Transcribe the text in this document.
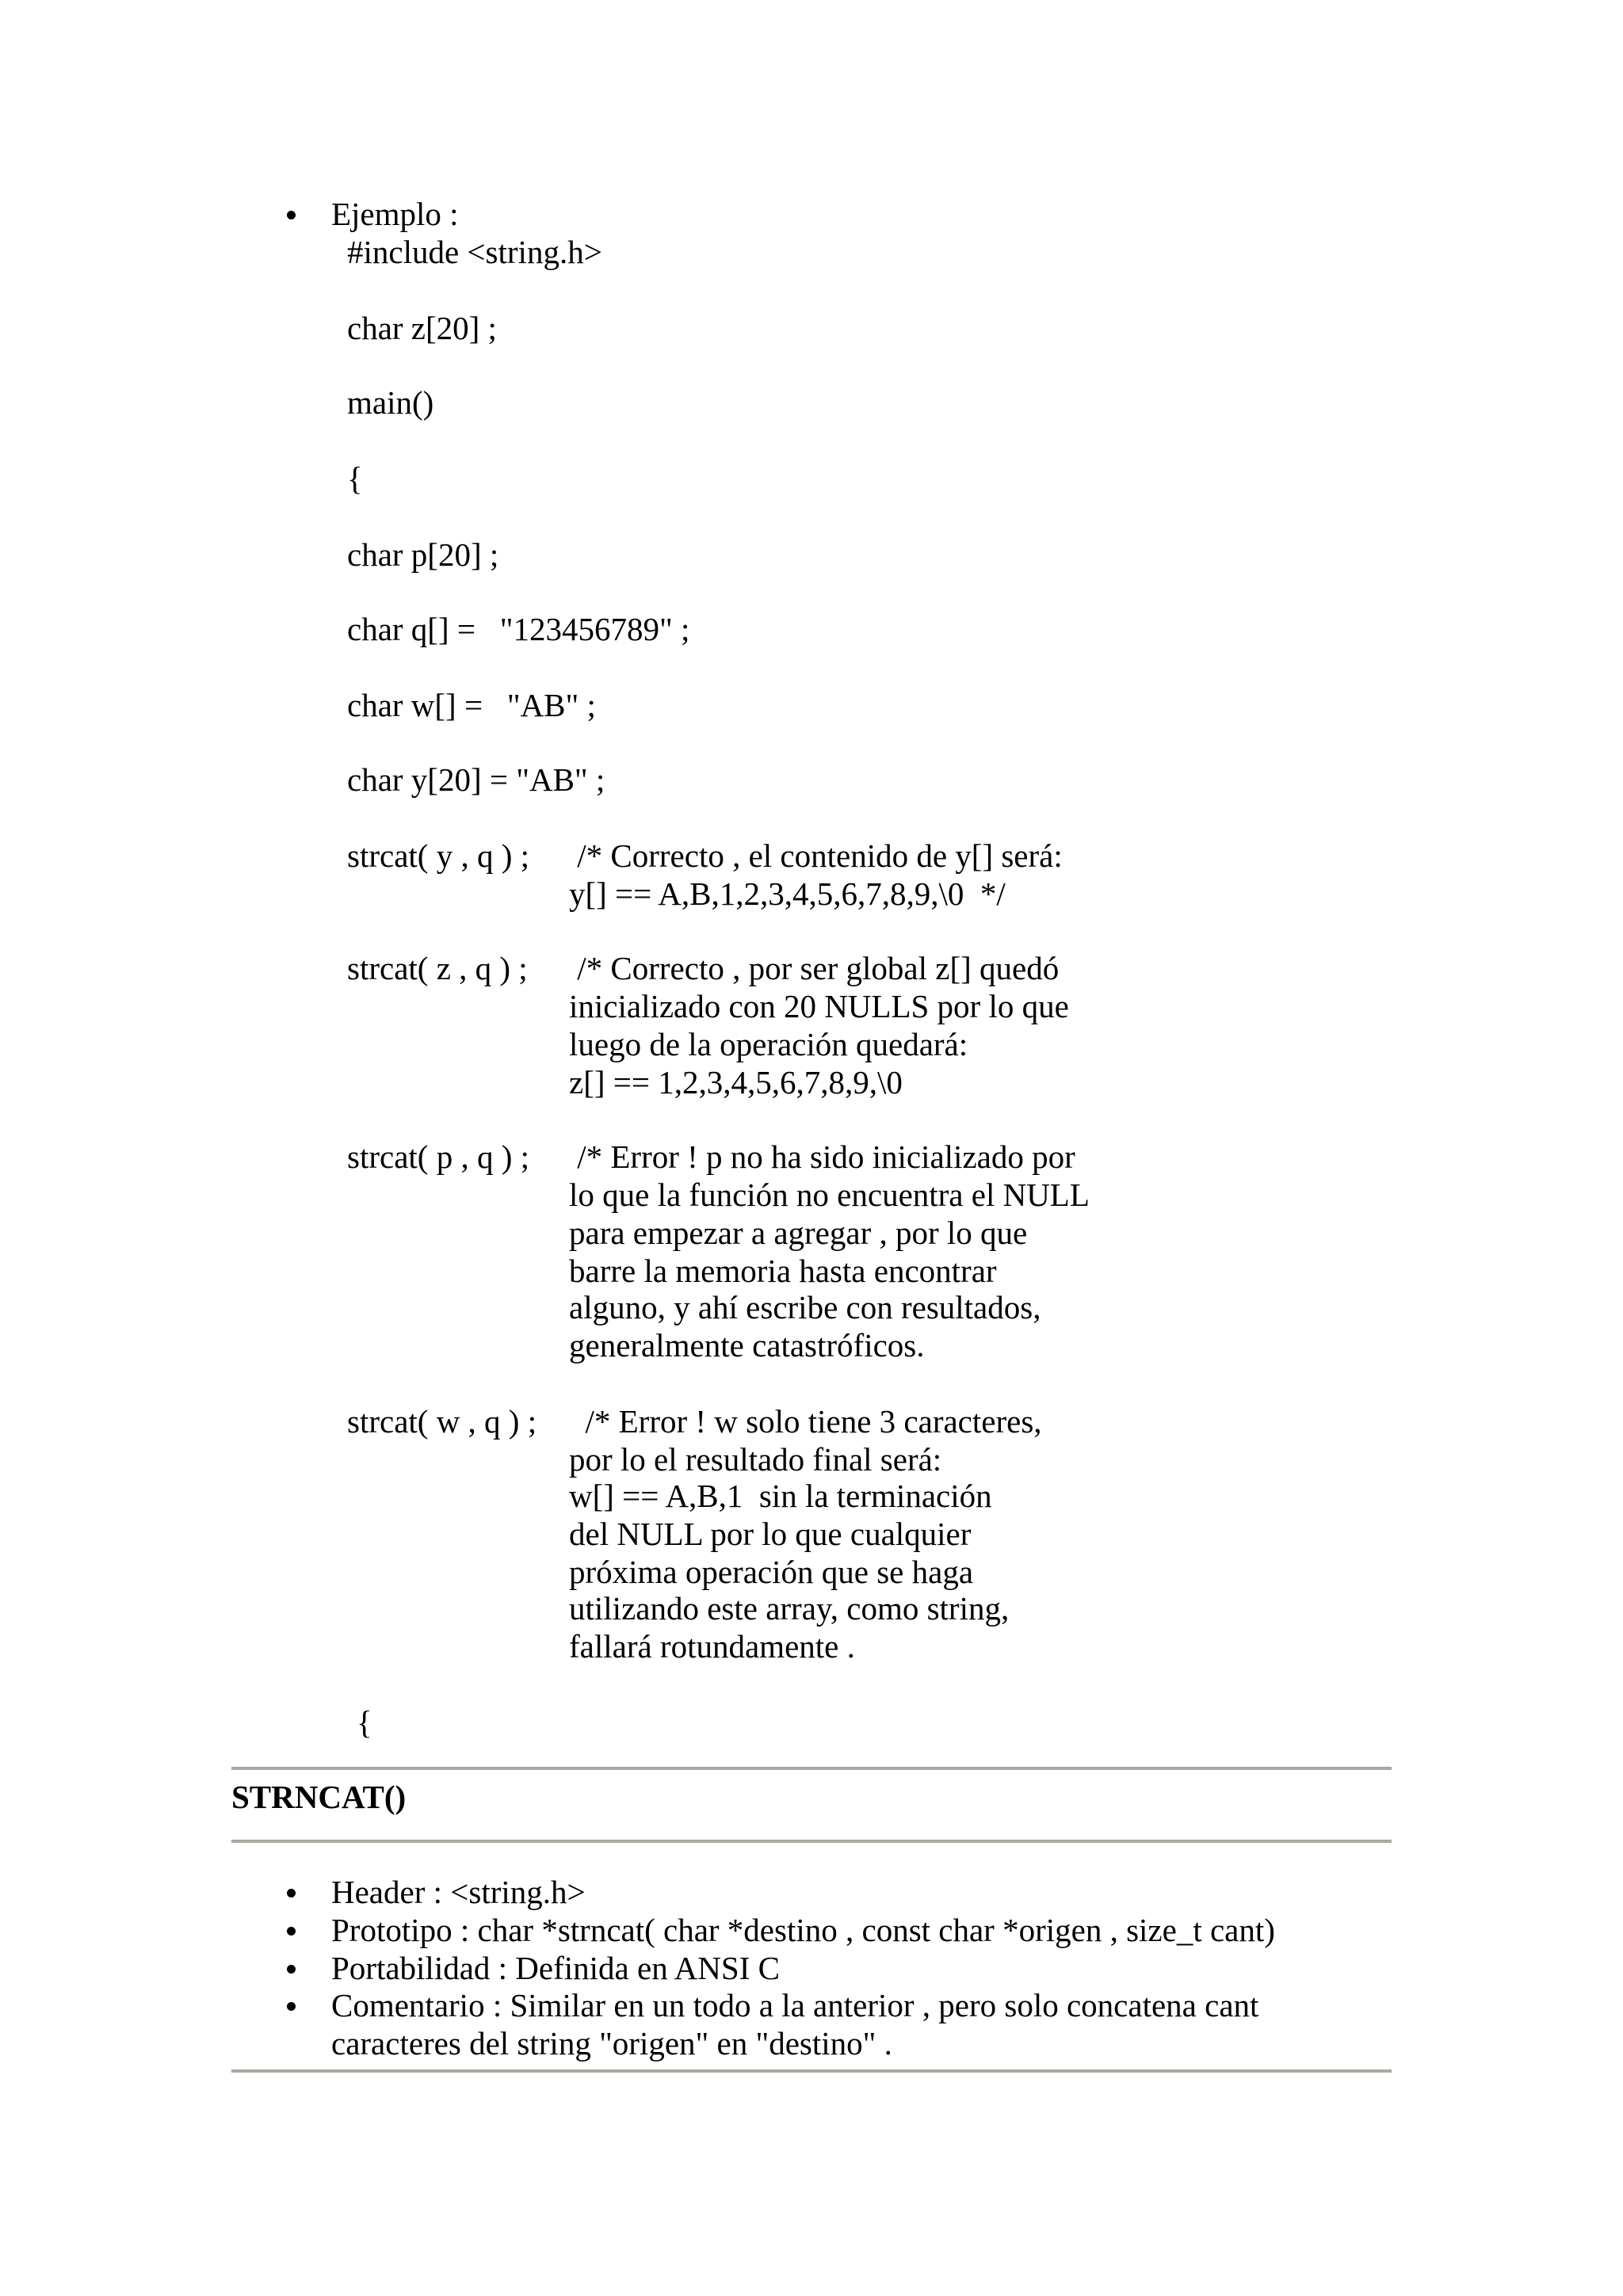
Ejemplo :
#include <string.h>
char z[20] ;
main()
{
char p[20] ;
char q[] =   "123456789" ;
char w[] =   "AB" ;
char y[20] = "AB" ;
strcat( y , q ) ; /* Correcto , el contenido de y[] será:
y[] == A,B,1,2,3,4,5,6,7,8,9,\0  */
strcat( z , q ) ; /* Correcto , por ser global z[] quedó
inicializado con 20 NULLS por lo que
luego de la operación quedará:
z[] == 1,2,3,4,5,6,7,8,9,\0
strcat( p , q ) ; /* Error ! p no ha sido inicializado por
lo que la función no encuentra el NULL
para empezar a agregar , por lo que
barre la memoria hasta encontrar
alguno, y ahí escribe con resultados,
generalmente catastróficos.
strcat( w , q ) ; /* Error ! w solo tiene 3 caracteres,
por lo el resultado final será:
w[] == A,B,1  sin la terminación
del NULL por lo que cualquier
próxima operación que se haga
utilizando este array, como string,
fallará rotundamente .
{
STRNCAT()
Header : <string.h>
Prototipo : char *strncat( char *destino , const char *origen , size_t cant)
Portabilidad : Definida en ANSI C
Comentario : Similar en un todo a la anterior , pero solo concatena cant
caracteres del string "origen" en "destino" .
